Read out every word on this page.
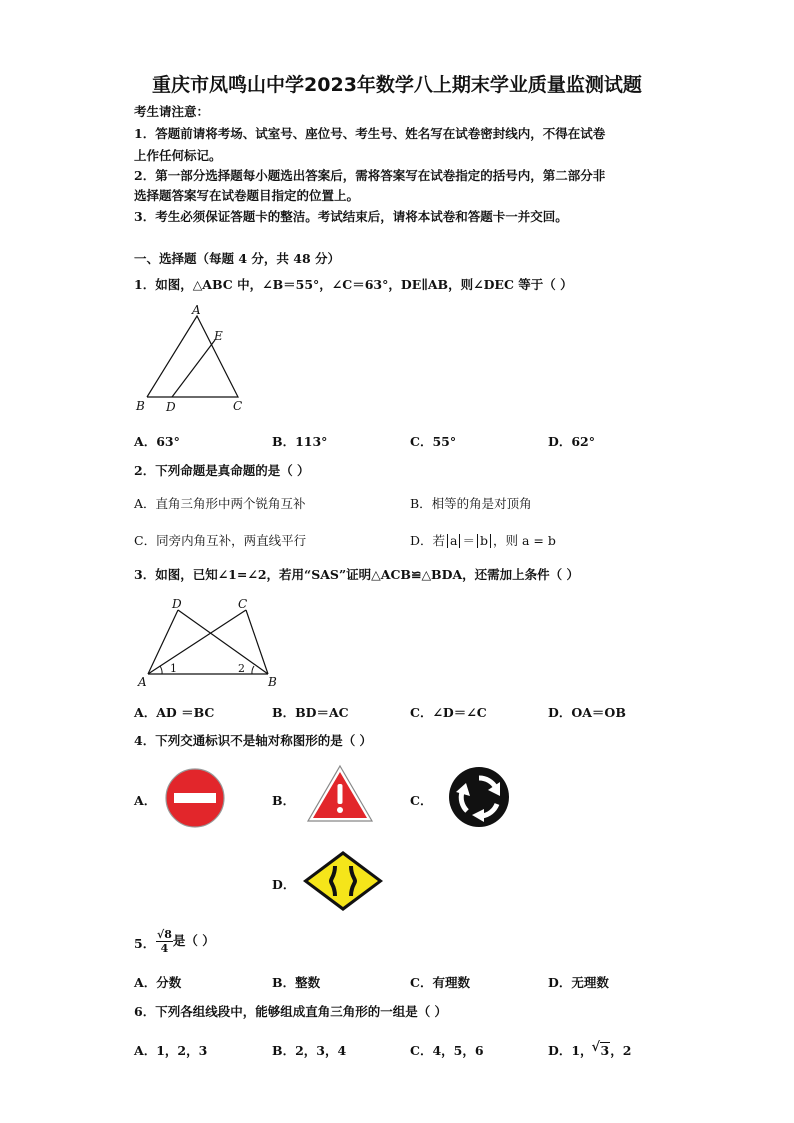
重庆市凤鸣山中学2023年数学八上期末学业质量监测试题
考生请注意：
1．答题前请将考场、试室号、座位号、考生号、姓名写在试卷密封线内，不得在试卷
上作任何标记。
2．第一部分选择题每小题选出答案后，需将答案写在试卷指定的括号内，第二部分非
选择题答案写在试卷题目指定的位置上。
3．考生必须保证答题卡的整洁。考试结束后，请将本试卷和答题卡一并交回。
一、选择题（每题 4 分，共 48 分）
1．如图，△ABC 中，∠B＝55°，∠C＝63°，DE∥AB，则∠DEC 等于（ ）
A
E
B D	C
A．63°	B．113°	C．55°	D．62°
2．下列命题是真命题的是（ ）
A．直角三角形中两个锐角互补	B．相等的角是对顶角
C．同旁内角互补，两直线平行	D．若 a ＝ b ，则 a = b
3．如图，已知∠1=∠2，若用“SAS”证明△ACB≌△BDA，还需加上条件（ ）
D	C
A	B
1	2
A．AD ＝BC	B．BD＝AC	C．∠D＝∠C	D．OA＝OB
4．下列交通标识不是轴对称图形的是（ ）
A．	B．	C．
D．
5． $\frac{√8}{4}$是（ ）
A．分数	B．整数	C．有理数	D．无理数
6．下列各组线段中，能够组成直角三角形的一组是（ ）
A．1，2，3	B．2，3，4	C．4，5，6	D．1，√ 3，2
